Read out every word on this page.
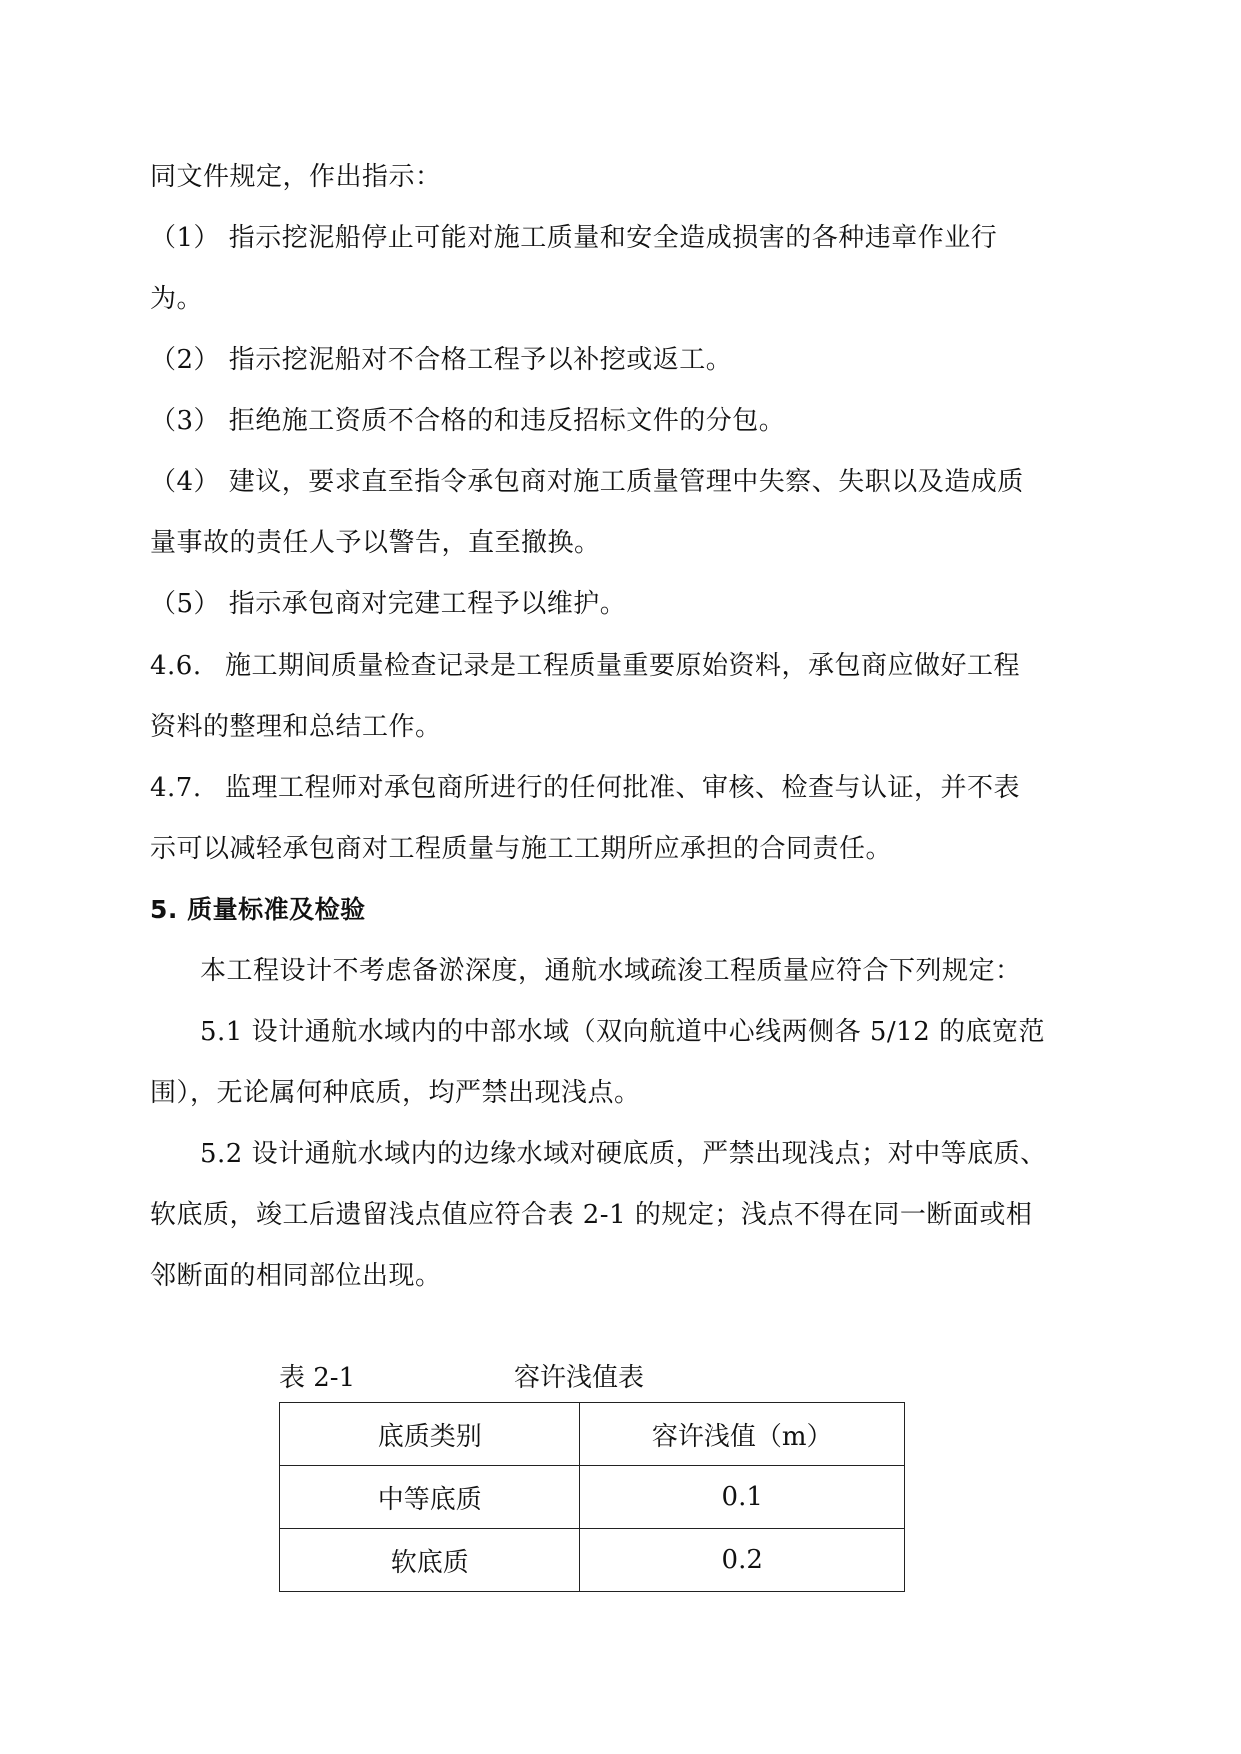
同文件规定，作出指示：
（1） 指示挖泥船停止可能对施工质量和安全造成损害的各种违章作业行
为。
（2） 指示挖泥船对不合格工程予以补挖或返工。
（3） 拒绝施工资质不合格的和违反招标文件的分包。
（4） 建议，要求直至指令承包商对施工质量管理中失察、失职以及造成质
量事故的责任人予以警告，直至撤换。
（5） 指示承包商对完建工程予以维护。
4.6. 施工期间质量检查记录是工程质量重要原始资料，承包商应做好工程
资料的整理和总结工作。
4.7. 监理工程师对承包商所进行的任何批准、审核、检查与认证，并不表
示可以减轻承包商对工程质量与施工工期所应承担的合同责任。
5. 质量标准及检验
本工程设计不考虑备淤深度，通航水域疏浚工程质量应符合下列规定：
5.1 设计通航水域内的中部水域（双向航道中心线两侧各 5/12 的底宽范
围），无论属何种底质，均严禁出现浅点。
5.2 设计通航水域内的边缘水域对硬底质，严禁出现浅点；对中等底质、
软底质，竣工后遗留浅点值应符合表 2-1 的规定；浅点不得在同一断面或相
邻断面的相同部位出现。
表 2-1	容许浅值表
底质类别	容许浅值（m）
中等底质	0.1
软底质	0.2
